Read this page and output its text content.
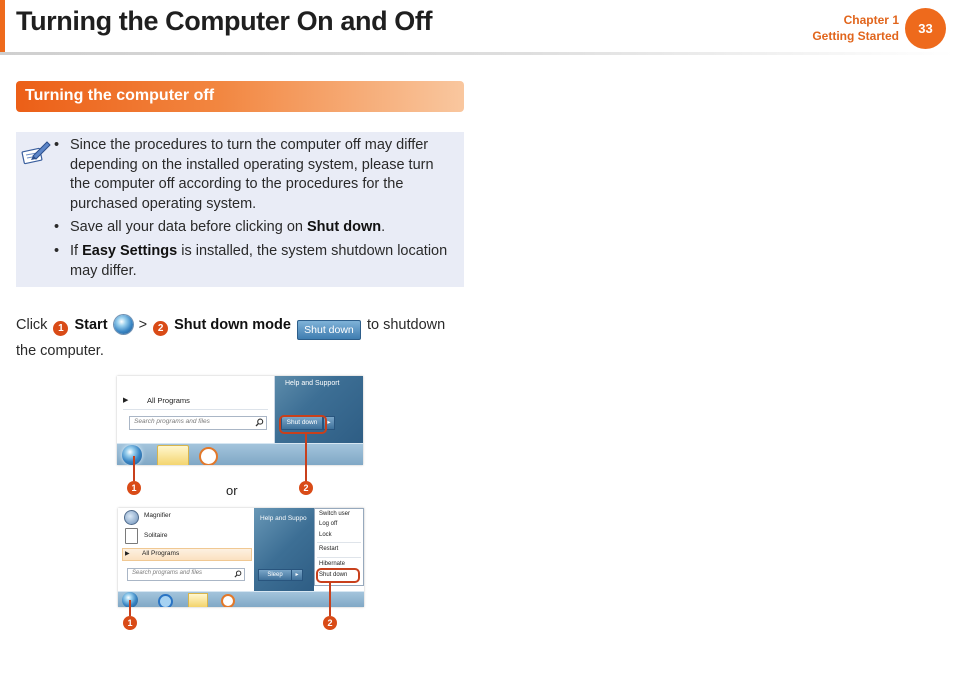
Turning the Computer On and Off	Chapter 1
Getting Started	33
Turning the computer off
• Since the procedures to turn the computer off may differ depending on the installed operating system, please turn the computer off according to the procedures for the purchased operating system.
• Save all your data before clicking on Shut down.
• If Easy Settings is installed, the system shutdown location may differ.
Click 1 Start > 2 Shut down mode Shut down to shutdown the computer.
▶ All Programs
Search programs and files
Help and Support
Shut down	▸
2
1	or
Magnifier
Solitaire
▶ All Programs
Search programs and files
Help and Suppo
Sleep	▸
Switch user
Log off
Lock
Restart
Hibernate
Shut down
2
1
